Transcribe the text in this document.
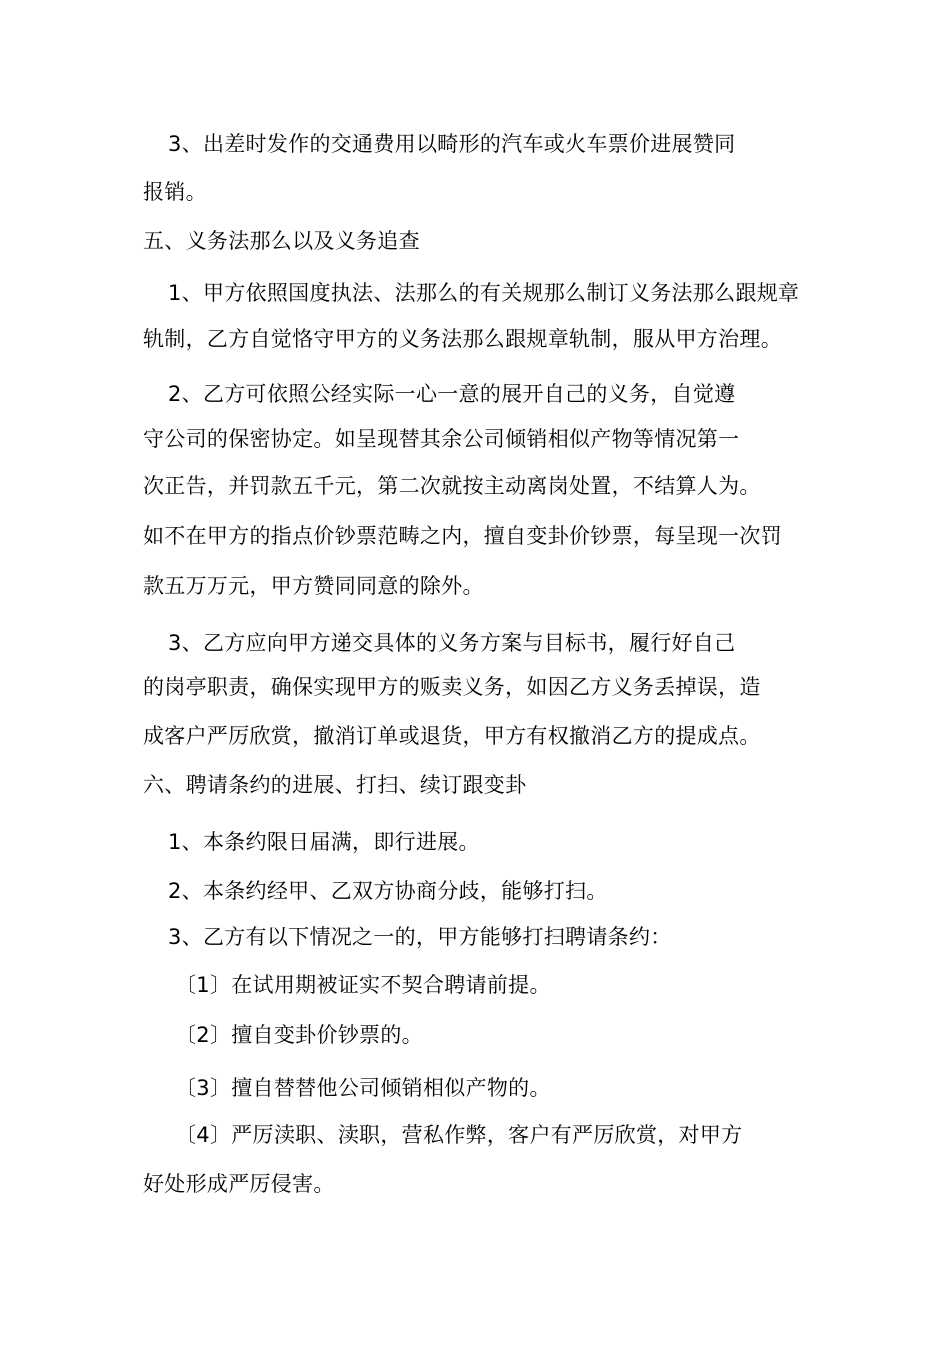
3、出差时发作的交通费用以畸形的汽车或火车票价进展赞同
报销。
五、义务法那么以及义务追查
1、甲方依照国度执法、法那么的有关规那么制订义务法那么跟规章
轨制，乙方自觉恪守甲方的义务法那么跟规章轨制，服从甲方治理。
2、乙方可依照公经实际一心一意的展开自己的义务，自觉遵
守公司的保密协定。如呈现替其余公司倾销相似产物等情况第一
次正告，并罚款五千元，第二次就按主动离岗处置，不结算人为。
如不在甲方的指点价钞票范畴之内，擅自变卦价钞票，每呈现一次罚
款五万万元，甲方赞同同意的除外。
3、乙方应向甲方递交具体的义务方案与目标书，履行好自己
的岗亭职责，确保实现甲方的贩卖义务，如因乙方义务丢掉误，造
成客户严厉欣赏，撤消订单或退货，甲方有权撤消乙方的提成点。
六、聘请条约的进展、打扫、续订跟变卦
1、本条约限日届满，即行进展。
2、本条约经甲、乙双方协商分歧，能够打扫。
3、乙方有以下情况之一的，甲方能够打扫聘请条约：
〔1〕在试用期被证实不契合聘请前提。
〔2〕擅自变卦价钞票的。
〔3〕擅自替替他公司倾销相似产物的。
〔4〕严厉渎职、渎职，营私作弊，客户有严厉欣赏，对甲方
好处形成严厉侵害。
